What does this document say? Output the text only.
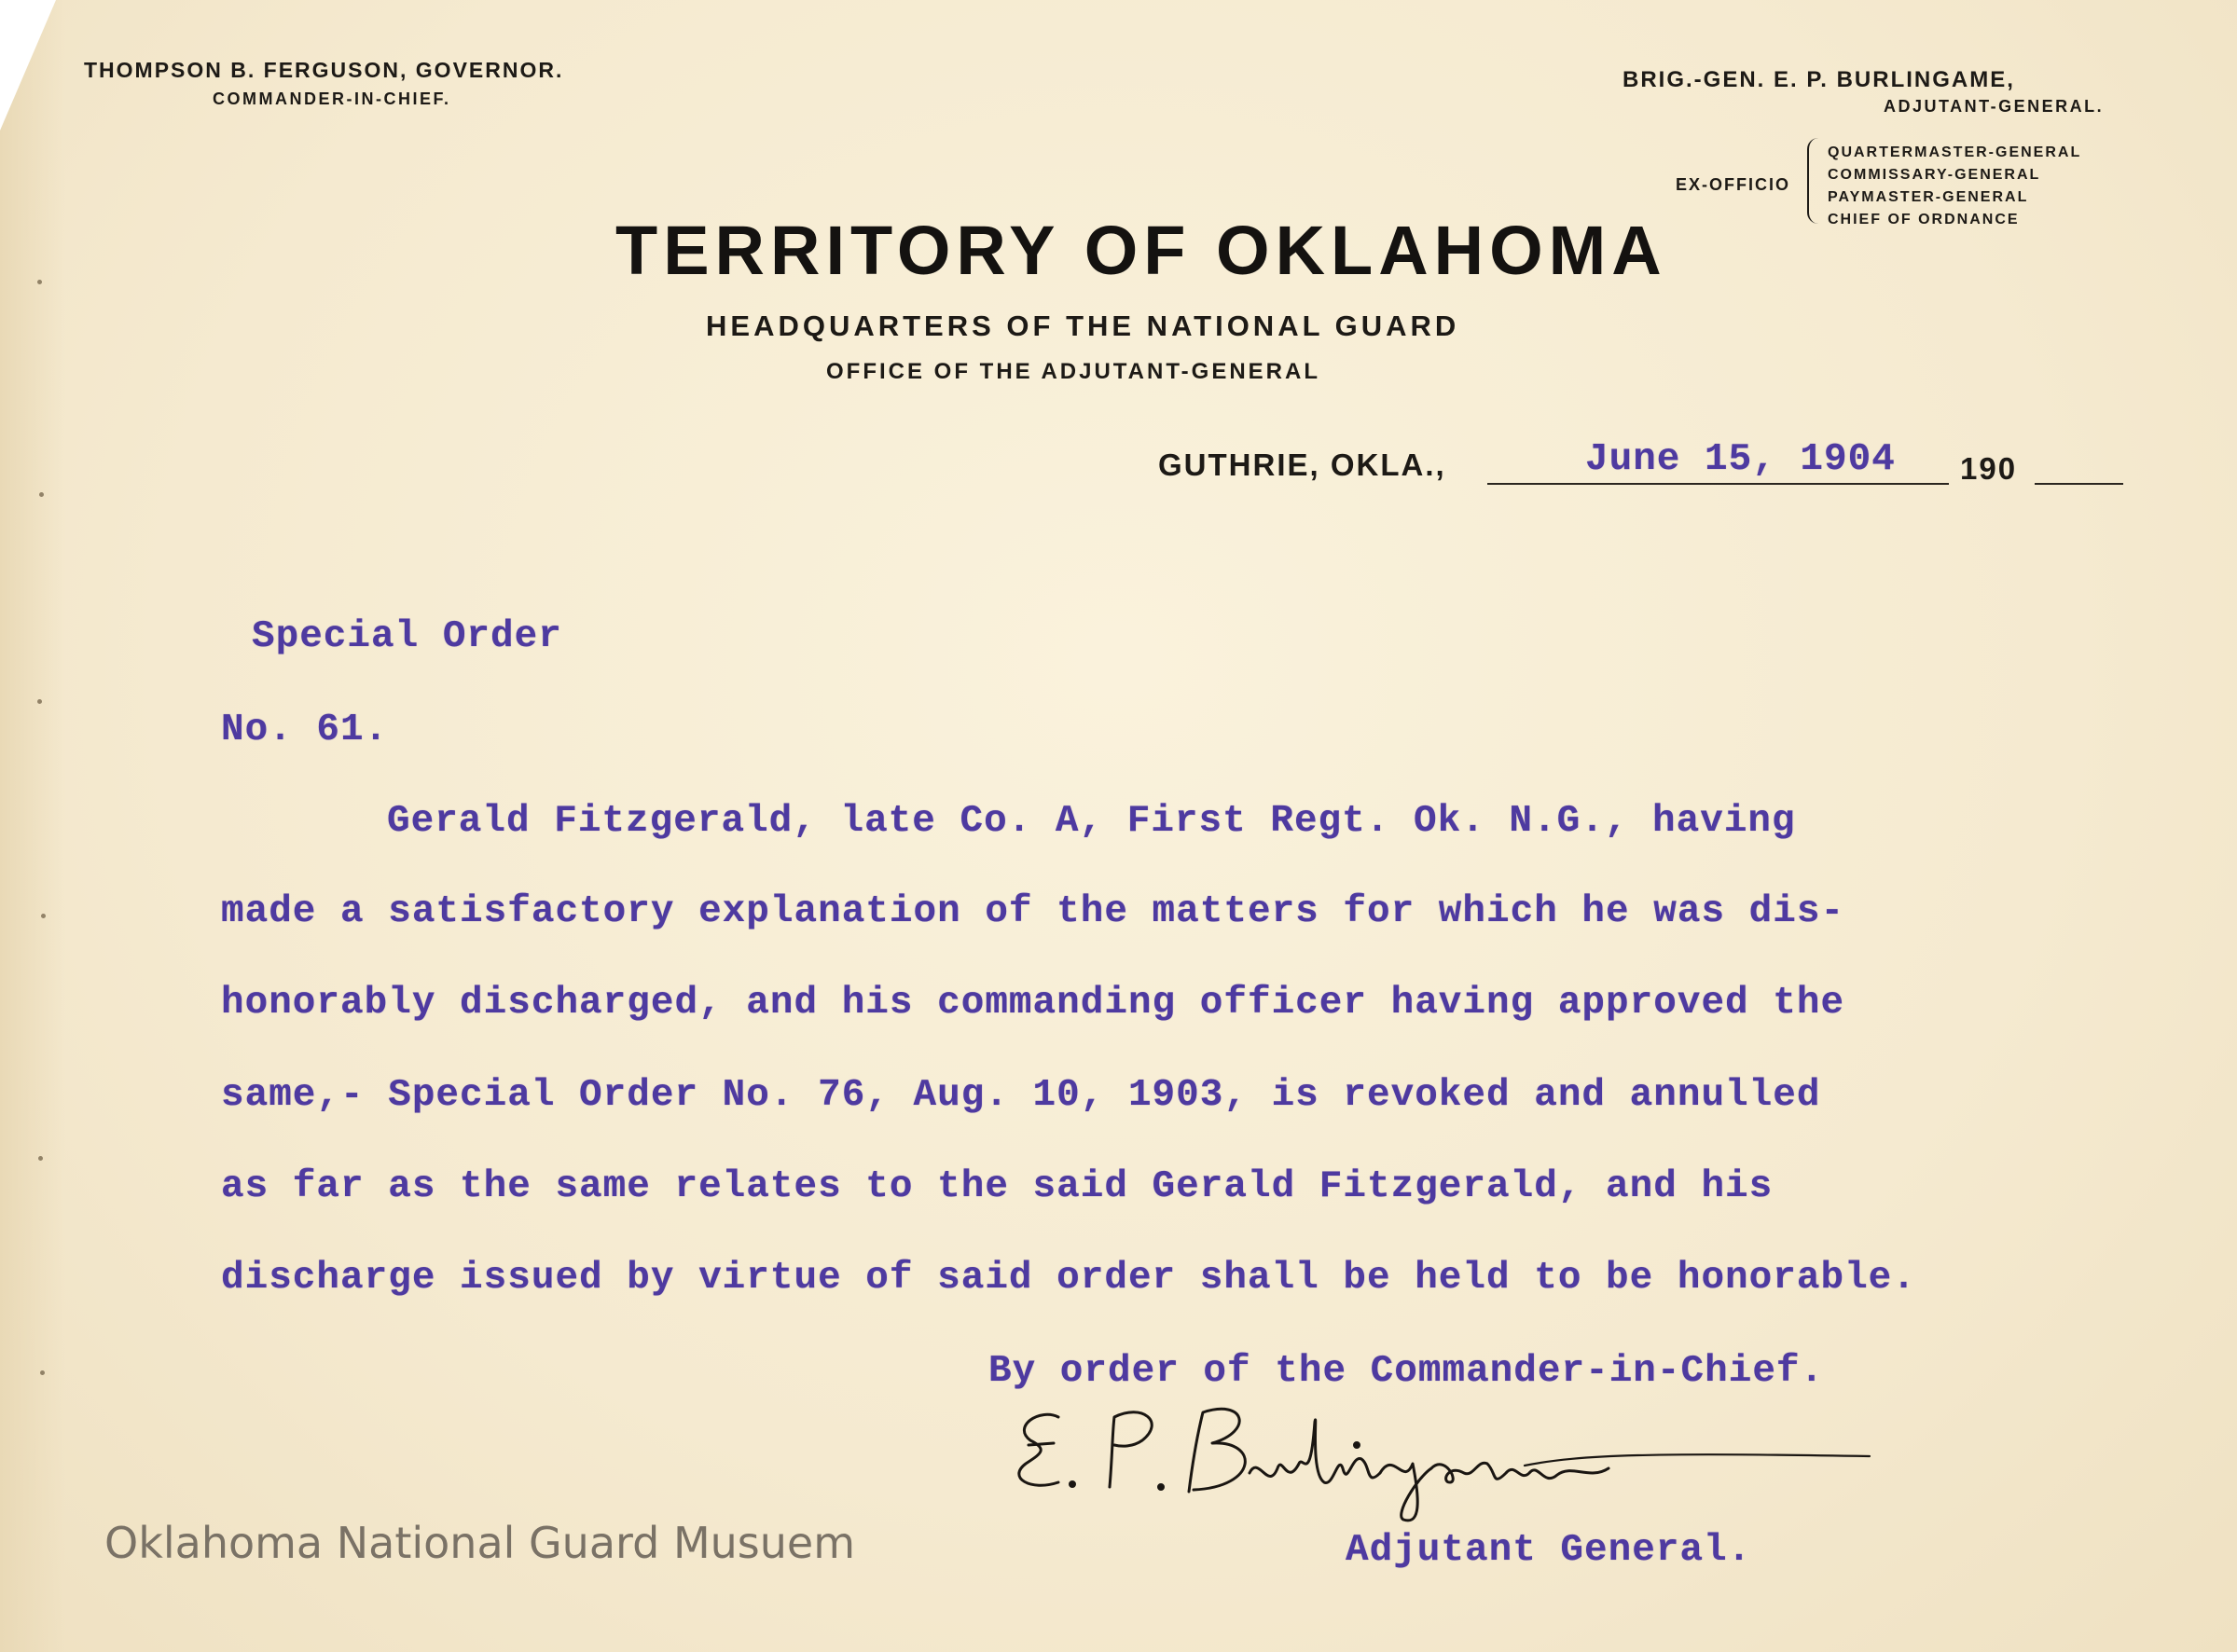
THOMPSON B. FERGUSON, GOVERNOR.
COMMANDER-IN-CHIEF.
BRIG.-GEN. E. P. BURLINGAME,
ADJUTANT-GENERAL.
EX-OFFICIO
QUARTERMASTER-GENERAL
COMMISSARY-GENERAL
PAYMASTER-GENERAL
CHIEF OF ORDNANCE
TERRITORY OF OKLAHOMA
HEADQUARTERS OF THE NATIONAL GUARD
OFFICE OF THE ADJUTANT-GENERAL
GUTHRIE, OKLA.,	June 15, 1904 190
Special Order
No. 61.
Gerald Fitzgerald, late Co. A, First Regt. Ok. N.G., having
made a satisfactory explanation of the matters for which he was dis-
honorably discharged, and his commanding officer having approved the
same,- Special Order No. 76, Aug. 10, 1903, is revoked and annulled
as far as the same relates to the said Gerald Fitzgerald, and his
discharge issued by virtue of said order shall be held to be honorable.
By order of the Commander-in-Chief.
Adjutant General.
Oklahoma National Guard Musuem
